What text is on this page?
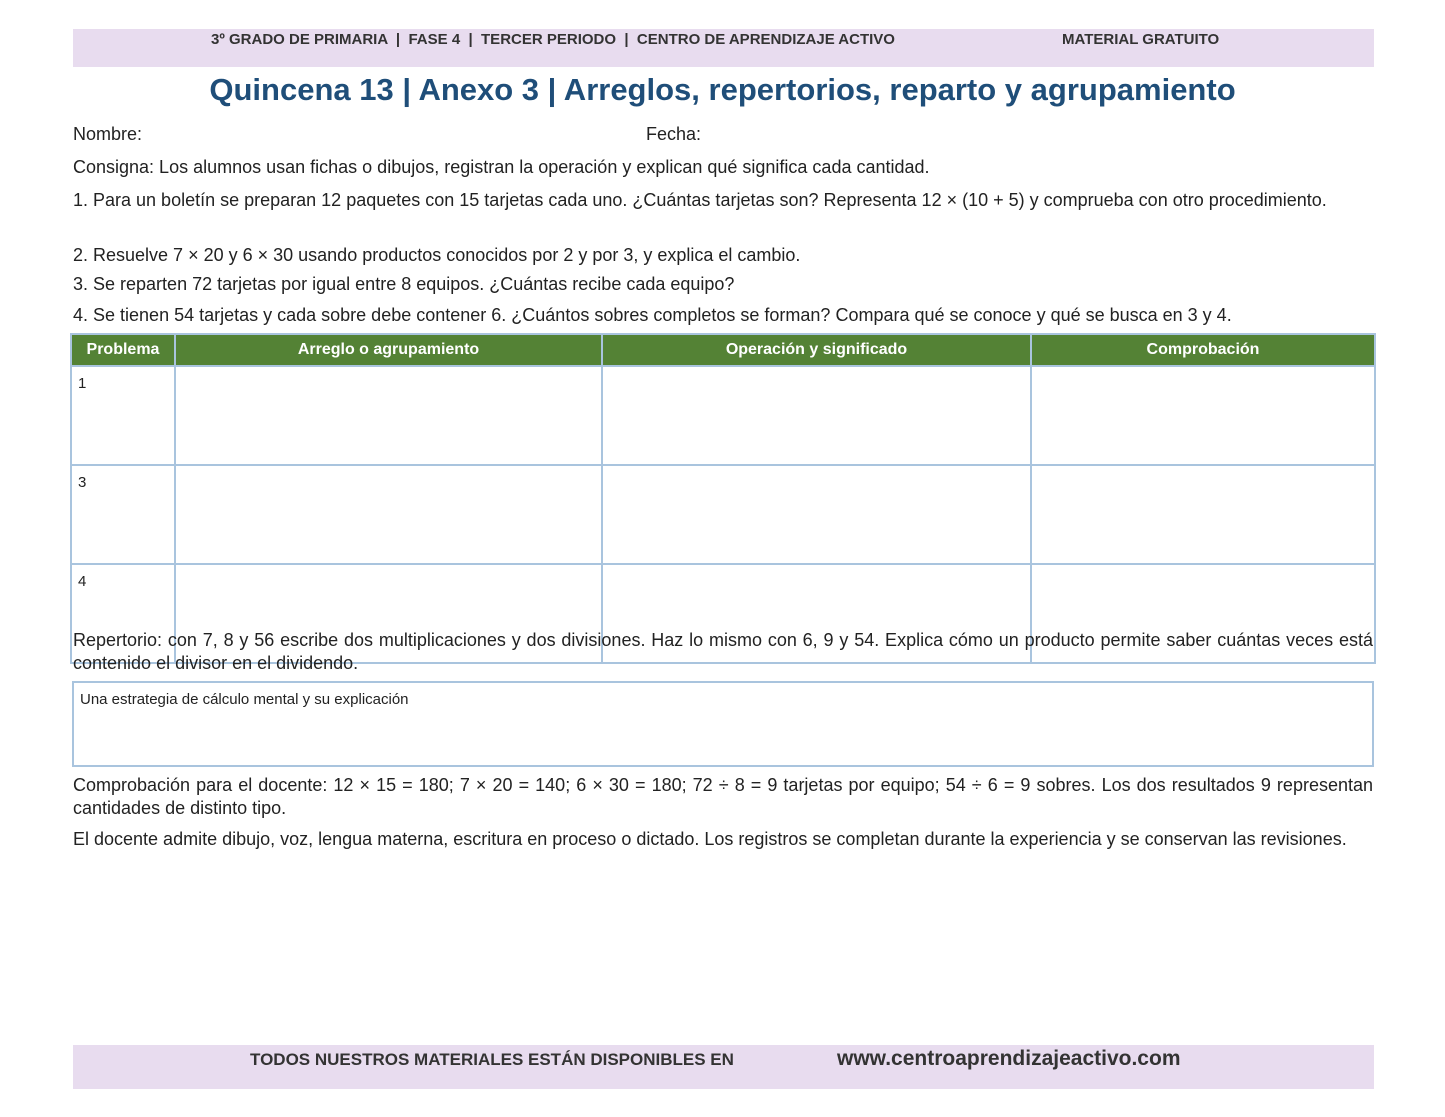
3º GRADO DE PRIMARIA  |  FASE 4  |  TERCER PERIODO  |  CENTRO DE APRENDIZAJE ACTIVO	MATERIAL GRATUITO
Quincena 13 | Anexo 3 | Arreglos, repertorios, reparto y agrupamiento
Nombre:	Fecha:
Consigna: Los alumnos usan fichas o dibujos, registran la operación y explican qué significa cada cantidad.
1. Para un boletín se preparan 12 paquetes con 15 tarjetas cada uno. ¿Cuántas tarjetas son? Representa 12 × (10 + 5) y comprueba con otro procedimiento.
2. Resuelve 7 × 20 y 6 × 30 usando productos conocidos por 2 y por 3, y explica el cambio.
3. Se reparten 72 tarjetas por igual entre 8 equipos. ¿Cuántas recibe cada equipo?
4. Se tienen 54 tarjetas y cada sobre debe contener 6. ¿Cuántos sobres completos se forman? Compara qué se conoce y qué se busca en 3 y 4.
Problema	Arreglo o agrupamiento	Operación y significado	Comprobación
1			
3			
4			
Repertorio: con 7, 8 y 56 escribe dos multiplicaciones y dos divisiones. Haz lo mismo con 6, 9 y 54. Explica cómo un producto permite saber cuántas veces está contenido el divisor en el dividendo.
Una estrategia de cálculo mental y su explicación
Comprobación para el docente: 12 × 15 = 180; 7 × 20 = 140; 6 × 30 = 180; 72 ÷ 8 = 9 tarjetas por equipo; 54 ÷ 6 = 9 sobres. Los dos resultados 9 representan cantidades de distinto tipo.
El docente admite dibujo, voz, lengua materna, escritura en proceso o dictado. Los registros se completan durante la experiencia y se conservan las revisiones.
TODOS NUESTROS MATERIALES ESTÁN DISPONIBLES EN	www.centroaprendizajeactivo.com
